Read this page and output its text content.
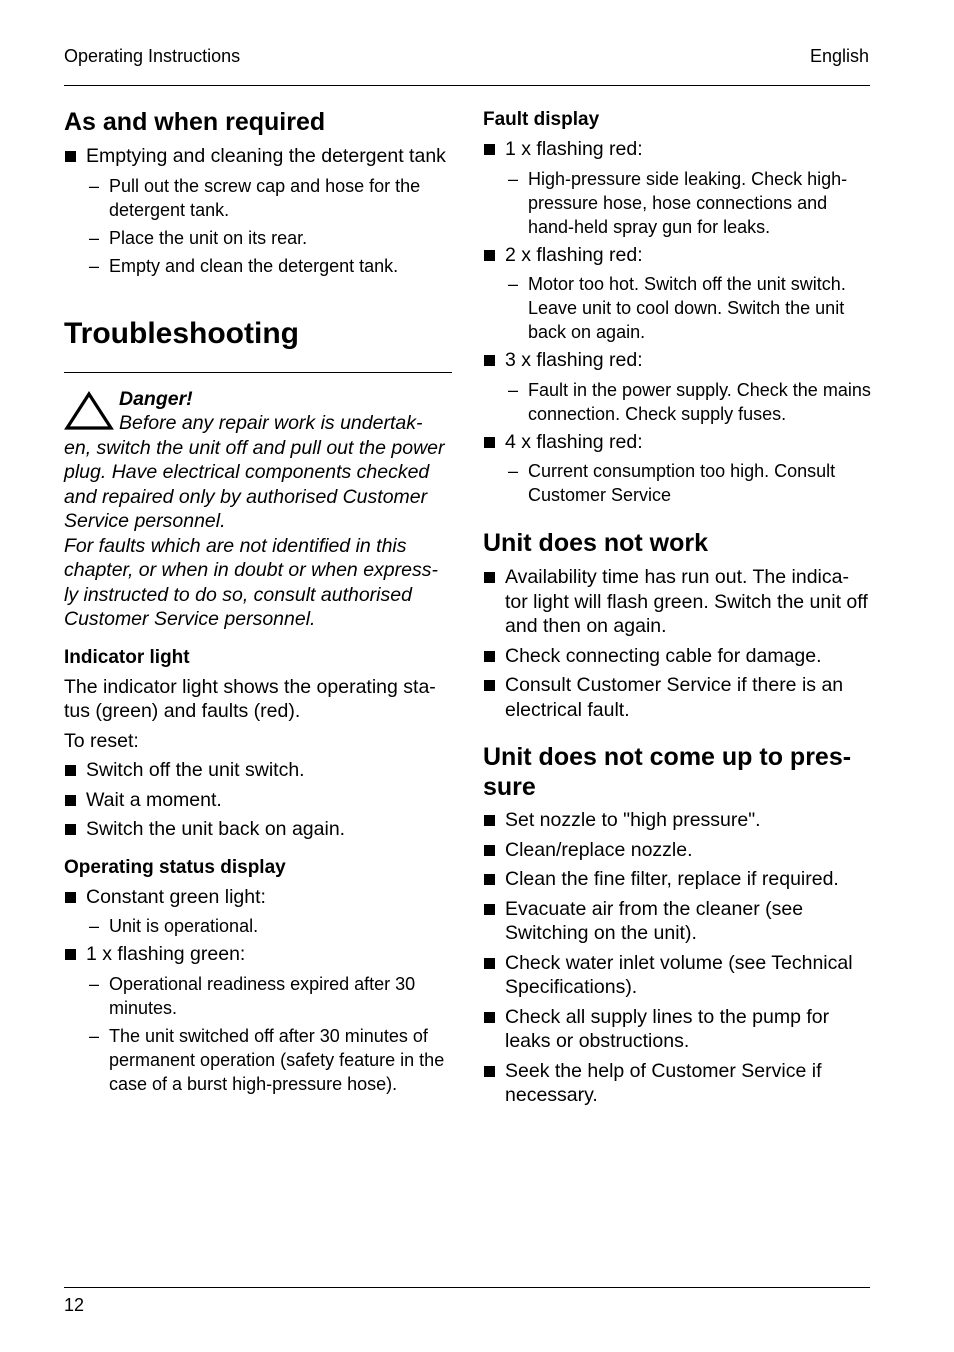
Operating Instructions	English
As and when required
Emptying and cleaning the detergent tank
– Pull out the screw cap and hose for the detergent tank.
– Place the unit on its rear.
– Empty and clean the detergent tank.
Troubleshooting
Danger!
Before any repair work is undertak-
en, switch the unit off and pull out the power plug. Have electrical components checked and repaired only by authorised Customer Service personnel.
For faults which are not identified in this chapter, or when in doubt or when express-ly instructed to do so, consult authorised Customer Service personnel.
Indicator light

The indicator light shows the operating sta-tus (green) and faults (red).

To reset:

Switch off the unit switch.
Wait a moment.
Switch the unit back on again.
Operating status display
Constant green light:
– Unit is operational.
1 x flashing green:
– Operational readiness expired after 30 minutes.
– The unit switched off after 30 minutes of permanent operation (safety feature in the case of a burst high-pressure hose).
Fault display
1 x flashing red:
– High-pressure side leaking. Check high-pressure hose, hose connections and hand-held spray gun for leaks.
2 x flashing red:
– Motor too hot. Switch off the unit switch. Leave unit to cool down. Switch the unit back on again.
3 x flashing red:
– Fault in the power supply. Check the mains connection. Check supply fuses.
4 x flashing red:
– Current consumption too high. Consult Customer Service
Unit does not work
Availability time has run out. The indica-tor light will flash green. Switch the unit off and then on again.
Check connecting cable for damage.
Consult Customer Service if there is an electrical fault.
Unit does not come up to pres-sure
Set nozzle to "high pressure".
Clean/replace nozzle.
Clean the fine filter, replace if required.
Evacuate air from the cleaner (see Switching on the unit).
Check water inlet volume (see Technical Specifications).
Check all supply lines to the pump for leaks or obstructions.
Seek the help of Customer Service if necessary.
12
